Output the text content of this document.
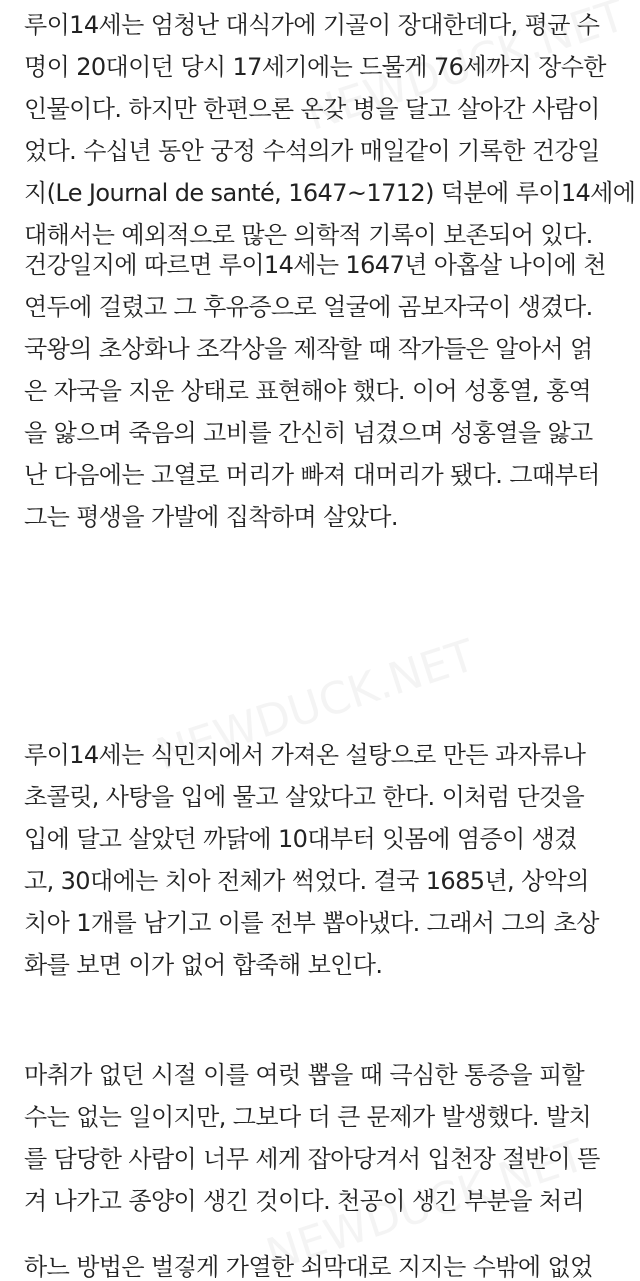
루이14세는 엄청난 대식가에 기골이 장대한데다, 평균 수
명이 20대이던 당시 17세기에는 드물게 76세까지 장수한
인물이다. 하지만 한편으론 온갖 병을 달고 살아간 사람이
었다. 수십년 동안 궁정 수석의가 매일같이 기록한 건강일
지(Le Journal de santé, 1647~1712) 덕분에 루이14세에
대해서는 예외적으로 많은 의학적 기록이 보존되어 있다.
건강일지에 따르면 루이14세는 1647년 아홉살 나이에 천
연두에 걸렸고 그 후유증으로 얼굴에 곰보자국이 생겼다.
국왕의 초상화나 조각상을 제작할 때 작가들은 알아서 얽
은 자국을 지운 상태로 표현해야 했다. 이어 성홍열, 홍역
을 앓으며 죽음의 고비를 간신히 넘겼으며 성홍열을 앓고
난 다음에는 고열로 머리가 빠져 대머리가 됐다. 그때부터
그는 평생을 가발에 집착하며 살았다.
루이14세는 식민지에서 가져온 설탕으로 만든 과자류나
초콜릿, 사탕을 입에 물고 살았다고 한다. 이처럼 단것을
입에 달고 살았던 까닭에 10대부터 잇몸에 염증이 생겼
고, 30대에는 치아 전체가 썩었다. 결국 1685년, 상악의
치아 1개를 남기고 이를 전부 뽑아냈다. 그래서 그의 초상
화를 보면 이가 없어 합죽해 보인다.
마취가 없던 시절 이를 여럿 뽑을 때 극심한 통증을 피할
수는 없는 일이지만, 그보다 더 큰 문제가 발생했다. 발치
를 담당한 사람이 너무 세게 잡아당겨서 입천장 절반이 뜯
겨 나가고 종양이 생긴 것이다. 천공이 생긴 부분을 처리
하느 방법은 벌겋게 가열한 쇠막대로 지지는 수밖에 없었
